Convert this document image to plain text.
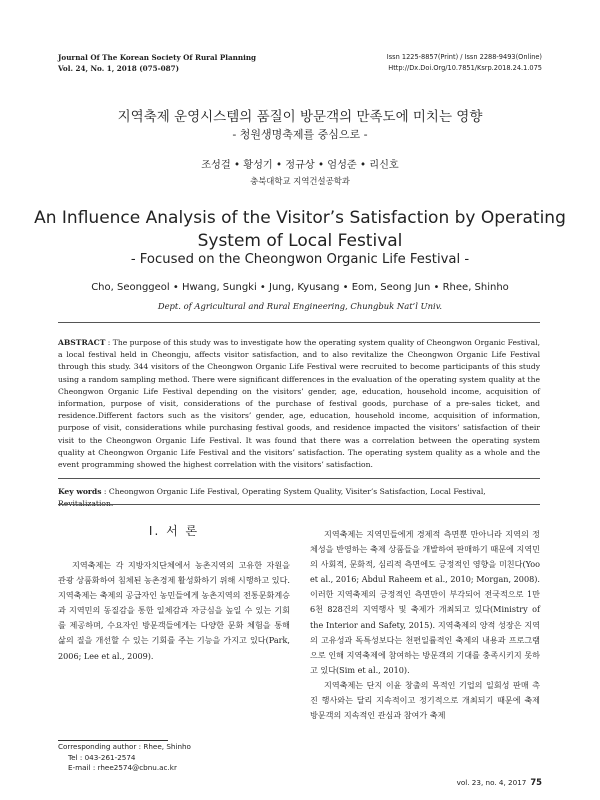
Journal Of The Korean Society Of Rural Planning
Vol. 24, No. 1, 2018 (075-087)
Issn 1225-8857(Print) / Issn 2288-9493(Online)
Http://Dx.Doi.Org/10.7851/Ksrp.2018.24.1.075
지역축제 운영시스템의 품질이 방문객의 만족도에 미치는 영향
- 청원생명축제를 중심으로 -
조성걸 • 황성기 • 정규상 • 엄성준 • 리신호
충북대학교 지역건설공학과
An Influence Analysis of the Visitor’s Satisfaction by Operating
System of Local Festival
- Focused on the Cheongwon Organic Life Festival -
Cho, Seonggeol • Hwang, Sungki • Jung, Kyusang • Eom, Seong Jun • Rhee, Shinho
Dept. of Agricultural and Rural Engineering, Chungbuk Nat’l Univ.
ABSTRACT : The purpose of this study was to investigate how the operating system quality of Cheongwon Organic Festival, a local festival held in Cheongju, affects visitor satisfaction, and to also revitalize the Cheongwon Organic Life Festival through this study. 344 visitors of the Cheongwon Organic Life Festival were recruited to become participants of this study using a random sampling method. There were significant differences in the evaluation of the operating system quality at the Cheongwon Organic Life Festival depending on the visitors’ gender, age, education, household income, acquisition of information, purpose of visit, considerations of the purchase of festival goods, purchase of a pre-sales ticket, and residence.Different factors such as the visitors’ gender, age, education, household income, acquisition of information, purpose of visit, considerations while purchasing festival goods, and residence impacted the visitors’ satisfaction of their visit to the Cheongwon Organic Life Festival. It was found that there was a correlation between the operating system quality at Cheongwon Organic Life Festival and the visitors’ satisfaction. The operating system quality as a whole and the event programming showed the highest correlation with the visitors’ satisfaction.
Key words : Cheongwon Organic Life Festival, Operating System Quality, Visiter’s Satisfaction, Local Festival, Revitalization.
I. 서 론

지역축제는 각 지방자치단체에서 농촌지역의 고유한 자원을 관광 상품화하여 침체된 농촌경제 활성화하기 위해 시행하고 있다. 지역축제는 축제의 공급자인 농민들에게 농촌지역의 전통문화계승과 지역민의 동질감을 통한 일체감과 자긍심을 높일 수 있는 기회를 제공하며, 수요자인 방문객들에게는 다양한 문화 체험을 통해 삶의 질을 개선할 수 있는 기회를 주는 기능을 가지고 있다(Park, 2006; Lee et al., 2009).

지역축제는 지역민들에게 경제적 측면뿐 만아니라 지역의 정체성을 반영하는 축제 상품들을 개발하여 판매하기 때문에 지역민의 사회적, 문화적, 심리적 측면에도 긍정적인 영향을 미친다(Yoo et al., 2016; Abdul Raheem et al., 2010; Morgan, 2008). 이러한 지역축제의 긍정적인 측면만이 부각되어 전국적으로 1만 6천 828건의 지역행사 및 축제가 개최되고 있다(Ministry of the Interior and Safety, 2015). 지역축제의 양적 성장은 지역의 고유성과 독특성보다는 천편일률적인 축제의 내용과 프로그램으로 인해 지역축제에 참여하는 방문객의 기대를 충족시키지 못하고 있다(Sim et al., 2010).

지역축제는 단지 이윤 창출의 목적인 기업의 일회성 판매 촉진 행사와는 달리 지속적이고 정기적으로 개최되기 때문에 축제 방문객의 지속적인 관심과 참여가 축제

Corresponding author : Rhee, Shinho
Tel : 043-261-2574
E-mail : rhee2574@cbnu.ac.kr
vol. 23, no. 4, 2017 75
